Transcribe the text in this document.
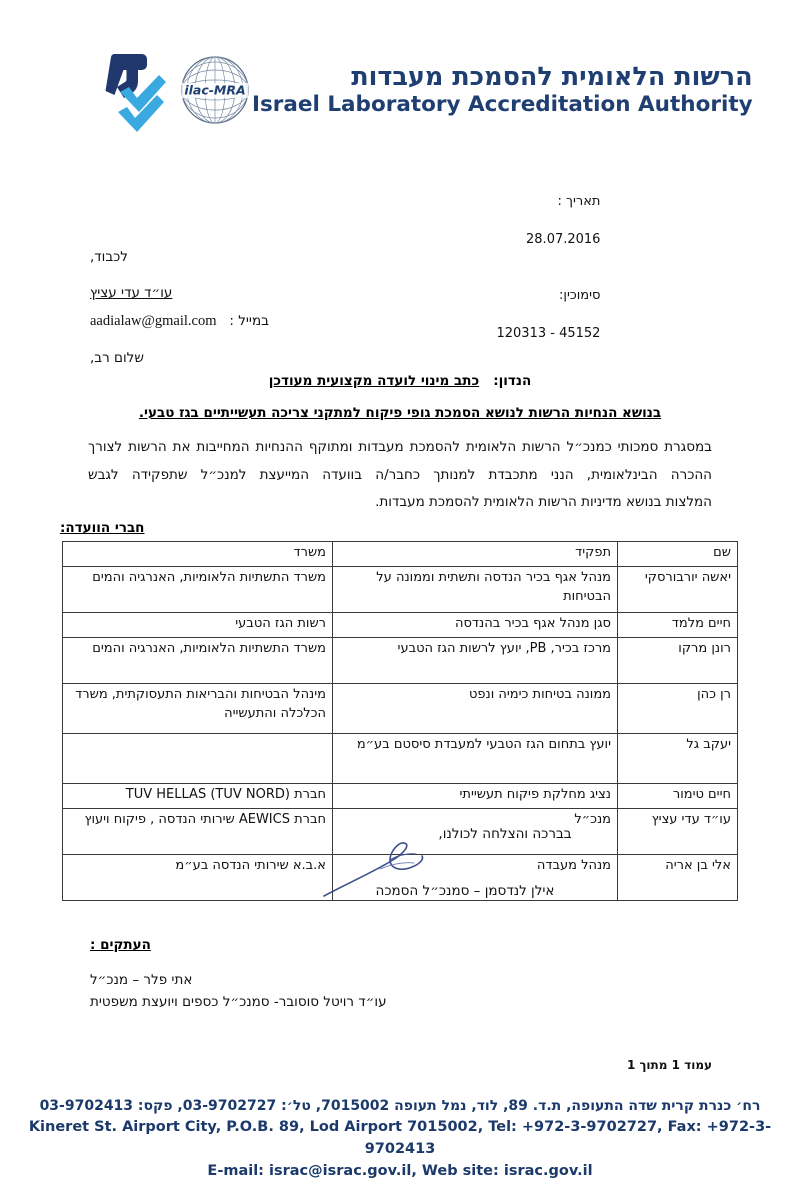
ilac-MRA	הרשות הלאומית להסמכת מעבדות
Israel Laboratory Accreditation Authority

תאריך :

28.07.2016

סימוכין:

45152 - 120313

לכבוד,
עו״ד עדי עציץ
במייל :   aadialaw@gmail.com
שלום רב,
הנדון:   כתב מינוי לועדה מקצועית מעודכן
בנושא הנחיות הרשות לנושא הסמכת גופי פיקוח למתקני צריכה תעשייתיים בגז טבעי.

במסגרת סמכותי כמנכ״ל הרשות הלאומית להסמכת מעבדות ומתוקף ההנחיות המחייבות את הרשות לצורך ההכרה הבינלאומית, הנני מתכבדת למנותך כחבר/ה בוועדה המייעצת למנכ״ל שתפקידה לגבש

המלצות בנושא מדיניות הרשות הלאומית להסמכת מעבדות.

חברי הוועדה:
שם	תפקיד	משרד
יאשה יורבורסקי	מנהל אגף בכיר הנדסה ותשתית וממונה על הבטיחות	משרד התשתיות הלאומיות, האנרגיה והמים
חיים מלמד	סגן מנהל אגף בכיר בהנדסה	רשות הגז הטבעי
רונן מרקו	מרכז בכיר, PB, יועץ לרשות הגז הטבעי	משרד התשתיות הלאומיות, האנרגיה והמים
רן כהן	ממונה בטיחות כימיה ונפט	מינהל הבטיחות והבריאות התעסוקתית, משרד הכלכלה והתעשייה
יעקב גל	יועץ בתחום הגז הטבעי למעבדת סיסטם בע״מ	
חיים טימור	נציג מחלקת פיקוח תעשייתי	חברת TUV HELLAS (TUV NORD)
עו״ד עדי עציץ	מנכ״ל	חברת AEWICS שירותי הנדסה , פיקוח ויעוץ
אלי בן אריה	מנהל מעבדה	א.ב.א שירותי הנדסה בע״מ
בברכה והצלחה לכולנו,
אילן לנדסמן – סמנכ״ל הסמכה
העתקים :
אתי פלר – מנכ״ל
עו״ד רויטל סוסובר- סמנכ״ל כספים ויועצת משפטית
עמוד 1 מתוך 1
רח׳ כנרת קרית שדה התעופה, ת.ד. 89, לוד, נמל תעופה 7015002, טל׳: 03-9702727, פקס: 03-9702413
Kineret St. Airport City, P.O.B. 89, Lod Airport 7015002, Tel: +972-3-9702727, Fax: +972-3-9702413
E-mail: israc@israc.gov.il, Web site: israc.gov.il
